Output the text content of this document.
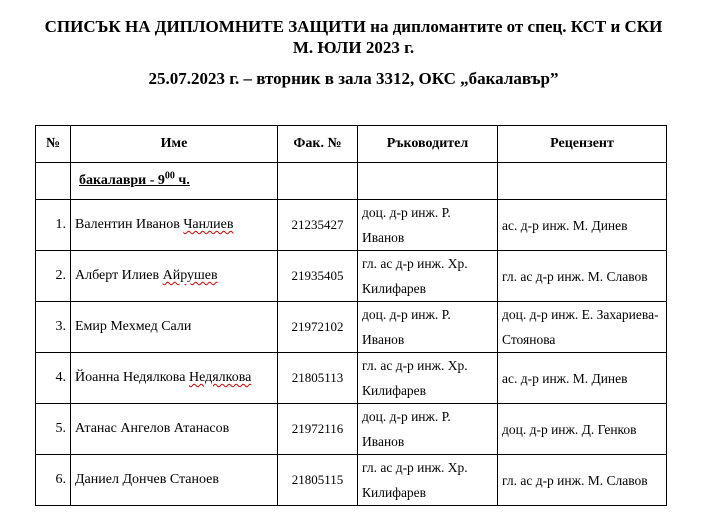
СПИСЪК НА ДИПЛОМНИТЕ ЗАЩИТИ на дипломантите от спец. КСТ и СКИ
М. ЮЛИ 2023 г.
25.07.2023 г. – вторник в зала 3312, ОКС „бакалавър”
№	Име	Фак. №	Ръководител	Рецензент
	бакалаври - $9^{00}$ ч.			
1.	Валентин Иванов Чанлиев	21235427	доц. д-р инж. Р. Иванов	ас. д-р инж. М. Динев
2.	Алберт Илиев Айрушев	21935405	гл. ас д-р инж. Хр. Килифарев	гл. ас д-р инж. М. Славов
3.	Емир Мехмед Сали	21972102	доц. д-р инж. Р. Иванов	доц. д-р инж. Е. Захариева-Стоянова
4.	Йоанна Недялкова Недялкова	21805113	гл. ас д-р инж. Хр. Килифарев	ас. д-р инж. М. Динев
5.	Атанас Ангелов Атанасов	21972116	доц. д-р инж. Р. Иванов	доц. д-р инж. Д. Генков
6.	Даниел Дончев Станоев	21805115	гл. ас д-р инж. Хр. Килифарев	гл. ас д-р инж. М. Славов
